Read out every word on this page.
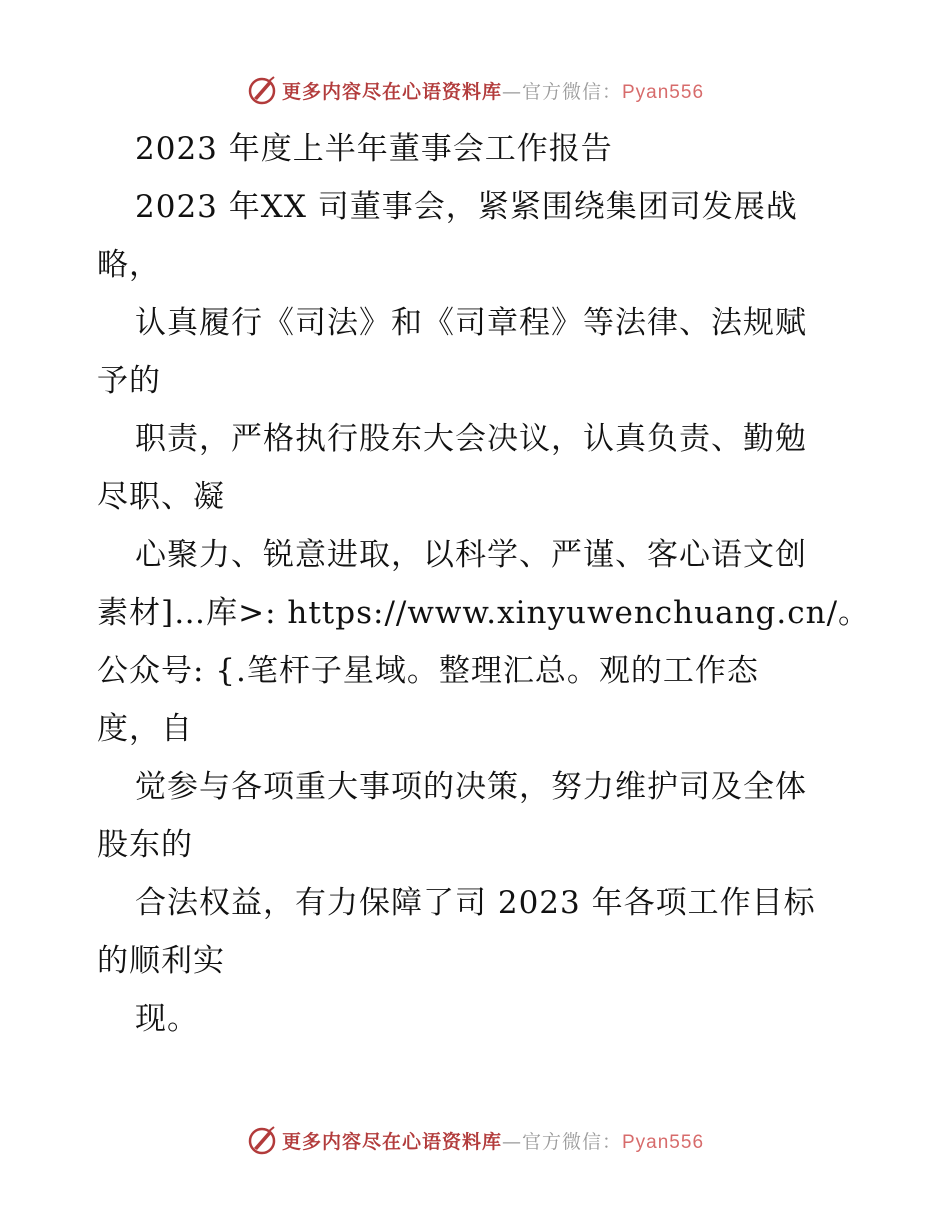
更多内容尽在心语资料库—官方微信：Pyan556
2023 年度上半年董事会工作报告
2023 年XX 司董事会，紧紧围绕集团司发展战
略，
认真履行《司法》和《司章程》等法律、法规赋
予的
职责，严格执行股东大会决议，认真负责、勤勉
尽职、凝
心聚力、锐意进取，以科学、严谨、客心语文创
素材]…库>: https://www.xinyuwenchuang.cn/。
公众号: {.笔杆子星域。整理汇总。观的工作态
度，自
觉参与各项重大事项的决策，努力维护司及全体
股东的
合法权益，有力保障了司 2023 年各项工作目标
的顺利实
现。
更多内容尽在心语资料库—官方微信：Pyan556
